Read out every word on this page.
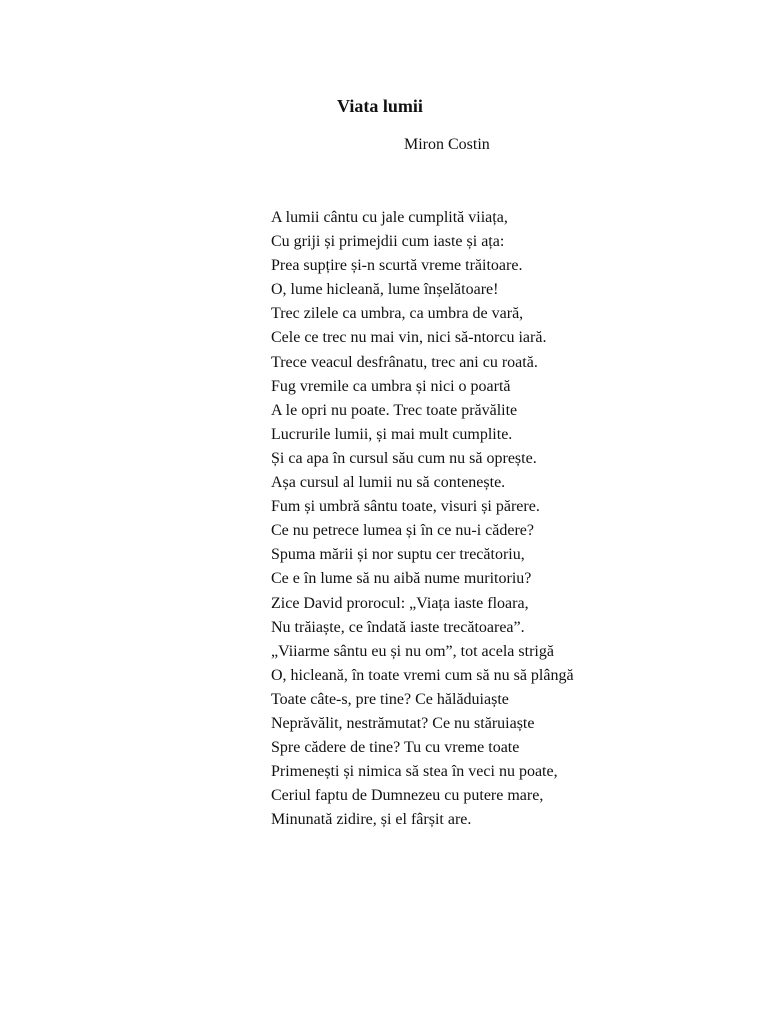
Viata lumii
Miron Costin
A lumii cântu cu jale cumplită viiața,
Cu griji și primejdii cum iaste și ața:
Prea supțire și-n scurtă vreme trăitoare.
O, lume hicleană, lume înșelătoare!
Trec zilele ca umbra, ca umbra de vară,
Cele ce trec nu mai vin, nici să-ntorcu iară.
Trece veacul desfrânatu, trec ani cu roată.
Fug vremile ca umbra și nici o poartă
A le opri nu poate. Trec toate prăvălite
Lucrurile lumii, și mai mult cumplite.
Și ca apa în cursul său cum nu să oprește.
Așa cursul al lumii nu să contenește.
Fum și umbră sântu toate, visuri și părere.
Ce nu petrece lumea și în ce nu-i cădere?
Spuma mării și nor suptu cer trecătoriu,
Ce e în lume să nu aibă nume muritoriu?
Zice David prorocul: „Viața iaste floara,
Nu trăiaște, ce îndată iaste trecătoarea”.
„Viiarme sântu eu și nu om”, tot acela strigă
O, hicleană, în toate vremi cum să nu să plângă
Toate câte-s, pre tine? Ce hălăduiaște
Neprăvălit, nestrămutat? Ce nu stăruiaște
Spre cădere de tine? Tu cu vreme toate
Primenești și nimica să stea în veci nu poate,
Ceriul faptu de Dumnezeu cu putere mare,
Minunată zidire, și el fârșit are.
